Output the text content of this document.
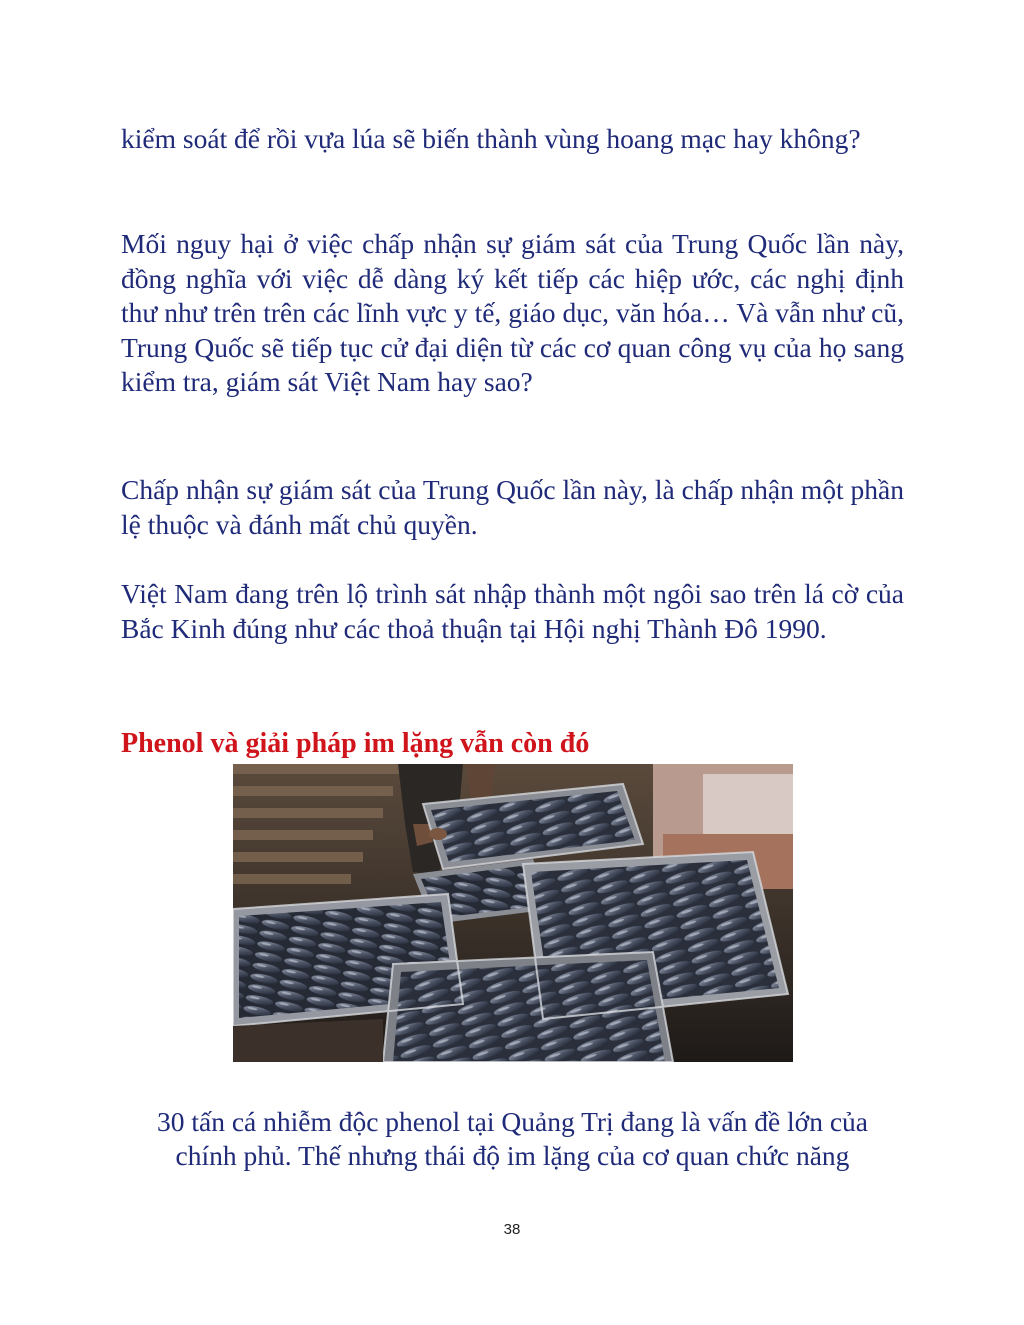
kiểm soát để rồi vựa lúa sẽ biến thành vùng hoang mạc hay không?

Mối nguy hại ở việc chấp nhận sự giám sát của Trung Quốc lần này, đồng nghĩa với việc dễ dàng ký kết tiếp các hiệp ước, các nghị định thư như trên trên các lĩnh vực y tế, giáo dục, văn hóa… Và vẫn như cũ, Trung Quốc sẽ tiếp tục cử đại diện từ các cơ quan công vụ của họ sang kiểm tra, giám sát Việt Nam hay sao?

Chấp nhận sự giám sát của Trung Quốc lần này, là chấp nhận một phần lệ thuộc và đánh mất chủ quyền.

Việt Nam đang trên lộ trình sát nhập thành một ngôi sao trên lá cờ của Bắc Kinh đúng như các thoả thuận tại Hội nghị Thành Đô 1990.

Phenol và giải pháp im lặng vẫn còn đó

30 tấn cá nhiễm độc phenol tại Quảng Trị đang là vấn đề lớn của

chính phủ. Thế nhưng thái độ im lặng của cơ quan chức năng

38
